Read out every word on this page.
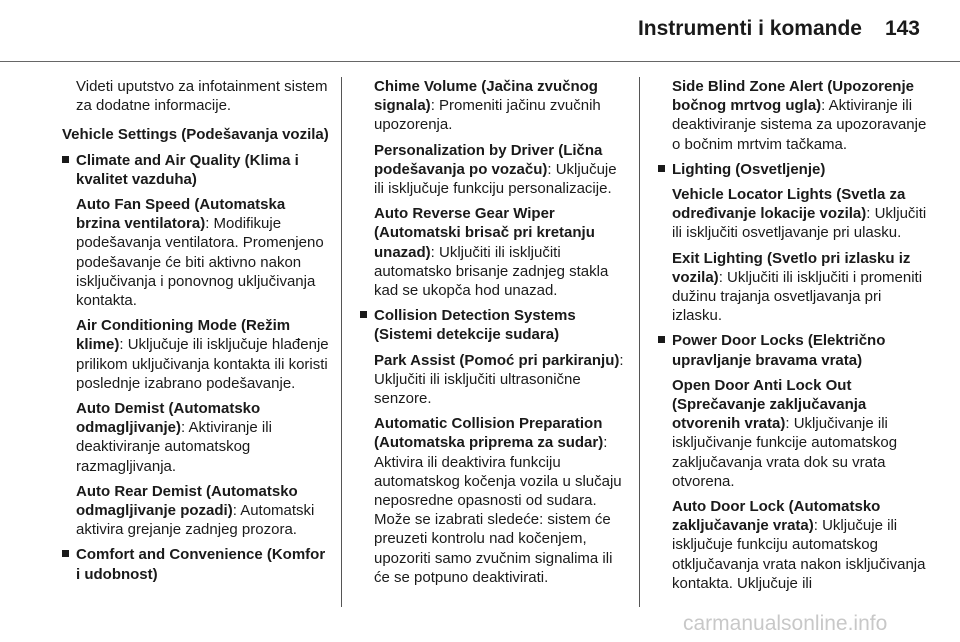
Instrumenti i komande 143

Videti uputstvo za infotainment sistem za dodatne informacije.

Vehicle Settings (Podešavanja vozila)

Climate and Air Quality (Klima i kvalitet vazduha)

Auto Fan Speed (Automatska brzina ventilatora): Modifikuje podešavanja ventilatora. Promenjeno podešavanje će biti aktivno nakon isključivanja i ponovnog uključivanja kontakta.

Air Conditioning Mode (Režim klime): Uključuje ili isključuje hlađenje prilikom uključivanja kontakta ili koristi poslednje izabrano podešavanje.

Auto Demist (Automatsko odmagljivanje): Aktiviranje ili deaktiviranje automatskog razmagljivanja.

Auto Rear Demist (Automatsko odmagljivanje pozadi): Automatski aktivira grejanje zadnjeg prozora.

Comfort and Convenience (Komfor i udobnost)

Chime Volume (Jačina zvučnog signala): Promeniti jačinu zvučnih upozorenja.

Personalization by Driver (Lična podešavanja po vozaču): Uključuje ili isključuje funkciju personalizacije.

Auto Reverse Gear Wiper (Automatski brisač pri kretanju unazad): Uključiti ili isključiti automatsko brisanje zadnjeg stakla kad se ukopča hod unazad.

Collision Detection Systems (Sistemi detekcije sudara)

Park Assist (Pomoć pri parkiranju): Uključiti ili isključiti ultrasonične senzore.

Automatic Collision Preparation (Automatska priprema za sudar): Aktivira ili deaktivira funkciju automatskog kočenja vozila u slučaju neposredne opasnosti od sudara. Može se izabrati sledeće: sistem će preuzeti kontrolu nad kočenjem, upozoriti samo zvučnim signalima ili će se potpuno deaktivirati.

Side Blind Zone Alert (Upozorenje bočnog mrtvog ugla): Aktiviranje ili deaktiviranje sistema za upozoravanje o bočnim mrtvim tačkama.

Lighting (Osvetljenje)

Vehicle Locator Lights (Svetla za određivanje lokacije vozila): Uključiti ili isključiti osvetljavanje pri ulasku.

Exit Lighting (Svetlo pri izlasku iz vozila): Uključiti ili isključiti i promeniti dužinu trajanja osvetljavanja pri izlasku.

Power Door Locks (Električno upravljanje bravama vrata)

Open Door Anti Lock Out (Sprečavanje zaključavanja otvorenih vrata): Uključivanje ili isključivanje funkcije automatskog zaključavanja vrata dok su vrata otvorena.

Auto Door Lock (Automatsko zaključavanje vrata): Uključuje ili isključuje funkciju automatskog otključavanja vrata nakon isključivanja kontakta. Uključuje ili

carmanualsonline.info
